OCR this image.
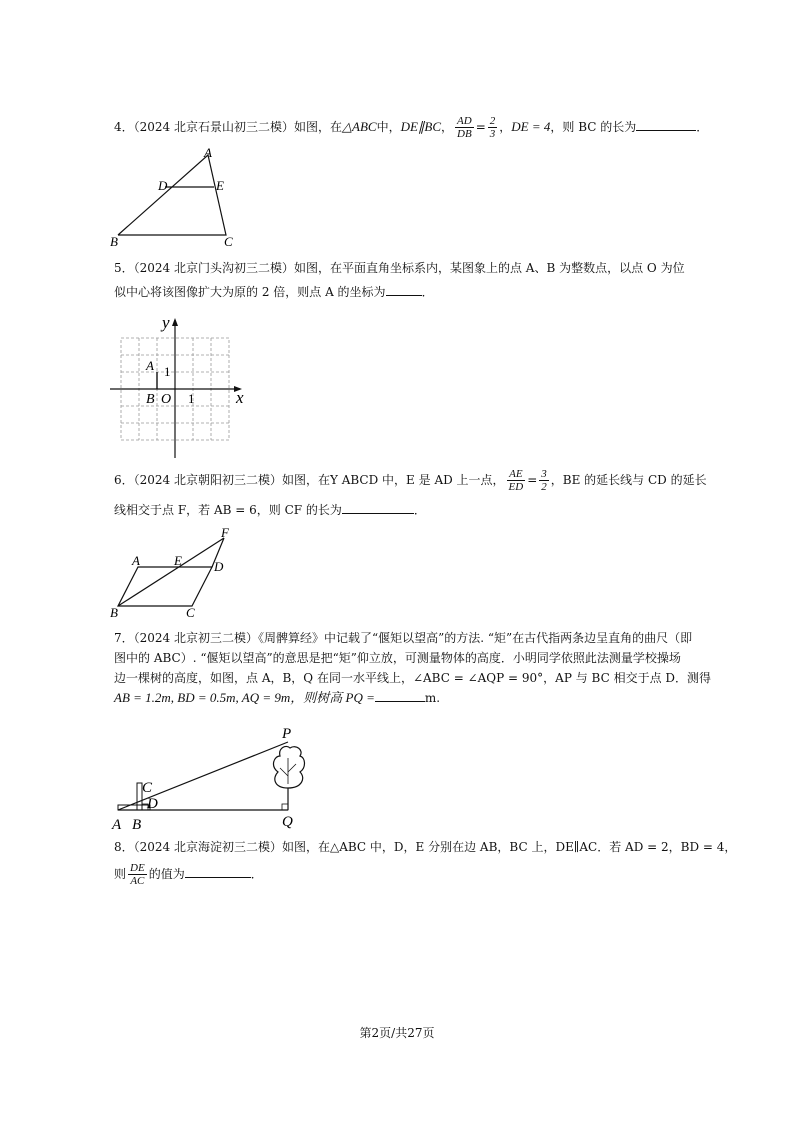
4．（2024 北京石景山初三二模）如图，在△ABC中，DE∥BC， $\frac{AD}{DB} = \frac{2}{3}$ ，DE = 4，则 BC 的长为	．
A
D	E
B	C
5．（2024 北京门头沟初三二模）如图，在平面直角坐标系内，某图象上的点 A、B 为整数点，以点 O 为位
似中心将该图像扩大为原的 2 倍，则点 A 的坐标为	．
x
y
A
B O 1
1
6．（2024 北京朝阳初三二模）如图，在Y ABCD 中，E 是 AD 上一点， $\frac{AE}{ED} = \frac{3}{2}$ ，BE 的延长线与 CD 的延长
线相交于点 F，若 AB = 6，则 CF 的长为	．
F
A	E D
B	C
7．（2024 北京初三二模）《周髀算经》中记载了“偃矩以望高”的方法. “矩”在古代指两条边呈直角的曲尺（即
图中的 ABC）. “偃矩以望高”的意思是把“矩”仰立放，可测量物体的高度．小明同学依照此法测量学校操场
边一棵树的高度，如图，点 A，B，Q 在同一水平线上，∠ABC = ∠AQP = 90°，AP 与 BC 相交于点 D．测得
AB = 1.2m, BD = 0.5m, AQ = 9m，则树高 PQ =	m.
P
C
D
A B	Q
8．（2024 北京海淀初三二模）如图，在△ABC 中，D，E 分别在边 AB，BC 上，DE∥AC．若 AD = 2，BD = 4，
则 $\frac{DE}{AC}$ 的值为	．
第2页/共27页
